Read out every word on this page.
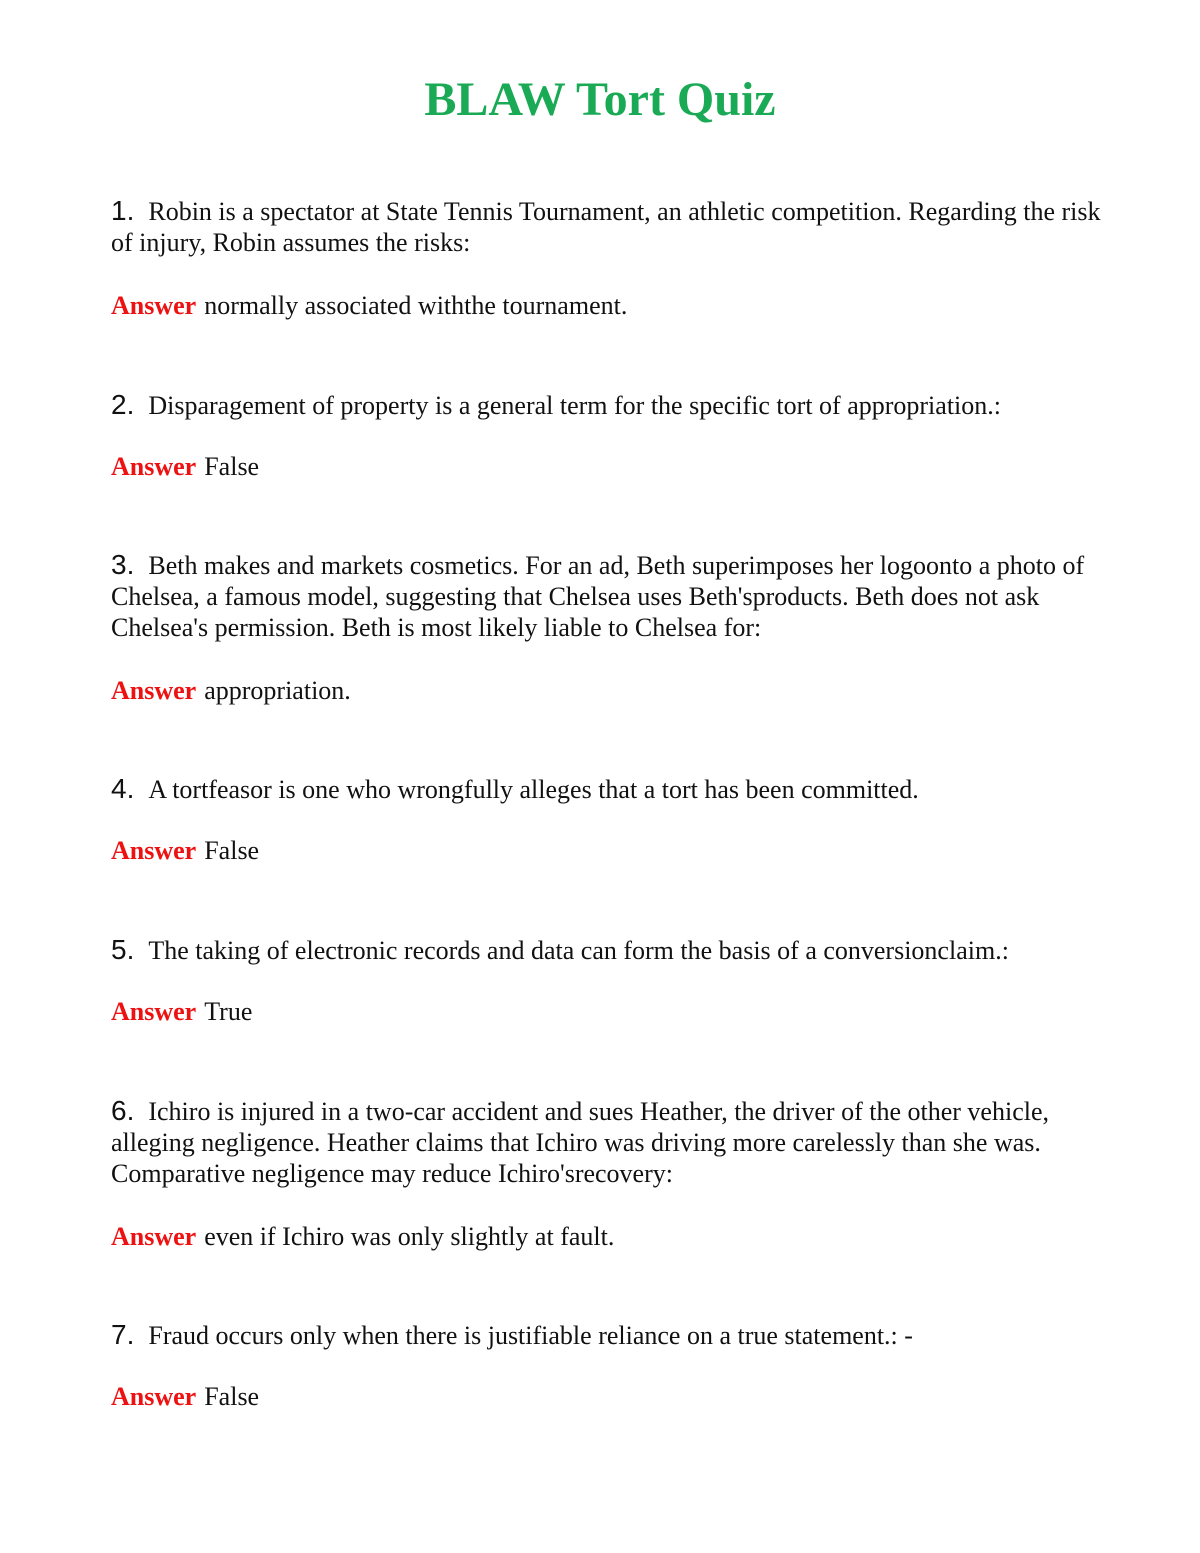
BLAW Tort Quiz

1. Robin is a spectator at State Tennis Tournament, an athletic competition. Regarding the risk of injury, Robin assumes the risks:

Answer normally associated withthe tournament.

2. Disparagement of property is a general term for the specific tort of appropriation.:

Answer False

3. Beth makes and markets cosmetics. For an ad, Beth superimposes her logoonto a photo of Chelsea, a famous model, suggesting that Chelsea uses Beth'sproducts. Beth does not ask Chelsea's permission. Beth is most likely liable to Chelsea for:

Answer appropriation.

4. A tortfeasor is one who wrongfully alleges that a tort has been committed.

Answer False

5. The taking of electronic records and data can form the basis of a conversionclaim.:

Answer True

6. Ichiro is injured in a two-car accident and sues Heather, the driver of the other vehicle, alleging negligence. Heather claims that Ichiro was driving more carelessly than she was. Comparative negligence may reduce Ichiro'srecovery:

Answer even if Ichiro was only slightly at fault.

7. Fraud occurs only when there is justifiable reliance on a true statement.: -

Answer False
